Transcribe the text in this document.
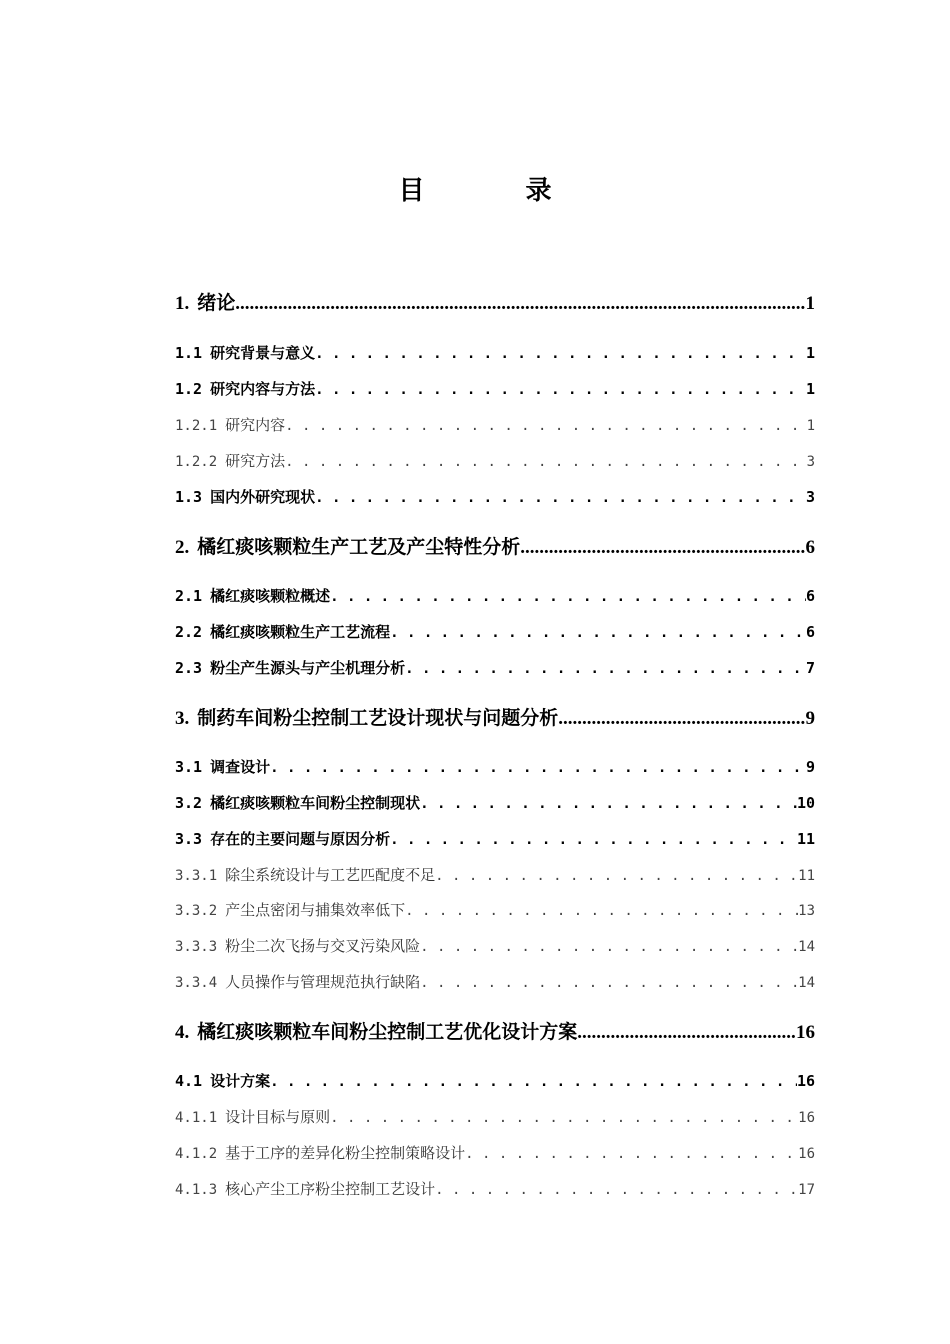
目 录
1. 绪论 .....	1
1.1 研究背景与意义 . . .	1
1.2 研究内容与方法 . . .	1
1.2.1 研究内容 . . .	1
1.2.2 研究方法 . . .	3
1.3 国内外研究现状 . . .	3
2. 橘红痰咳颗粒生产工艺及产尘特性分析 .....	6
2.1 橘红痰咳颗粒概述 . . .	6
2.2 橘红痰咳颗粒生产工艺流程 . . .	6
2.3 粉尘产生源头与产尘机理分析 . . .	7
3. 制药车间粉尘控制工艺设计现状与问题分析 .....	9
3.1 调查设计 . . .	9
3.2 橘红痰咳颗粒车间粉尘控制现状 . . .	10
3.3 存在的主要问题与原因分析 . . .	11
3.3.1 除尘系统设计与工艺匹配度不足 . . .	11
3.3.2 产尘点密闭与捕集效率低下 . . .	13
3.3.3 粉尘二次飞扬与交叉污染风险 . . .	14
3.3.4 人员操作与管理规范执行缺陷 . . .	14
4. 橘红痰咳颗粒车间粉尘控制工艺优化设计方案 .....	16
4.1 设计方案 . . .	16
4.1.1 设计目标与原则 . . .	16
4.1.2 基于工序的差异化粉尘控制策略设计 . . .	16
4.1.3 核心产尘工序粉尘控制工艺设计 . . .	17
